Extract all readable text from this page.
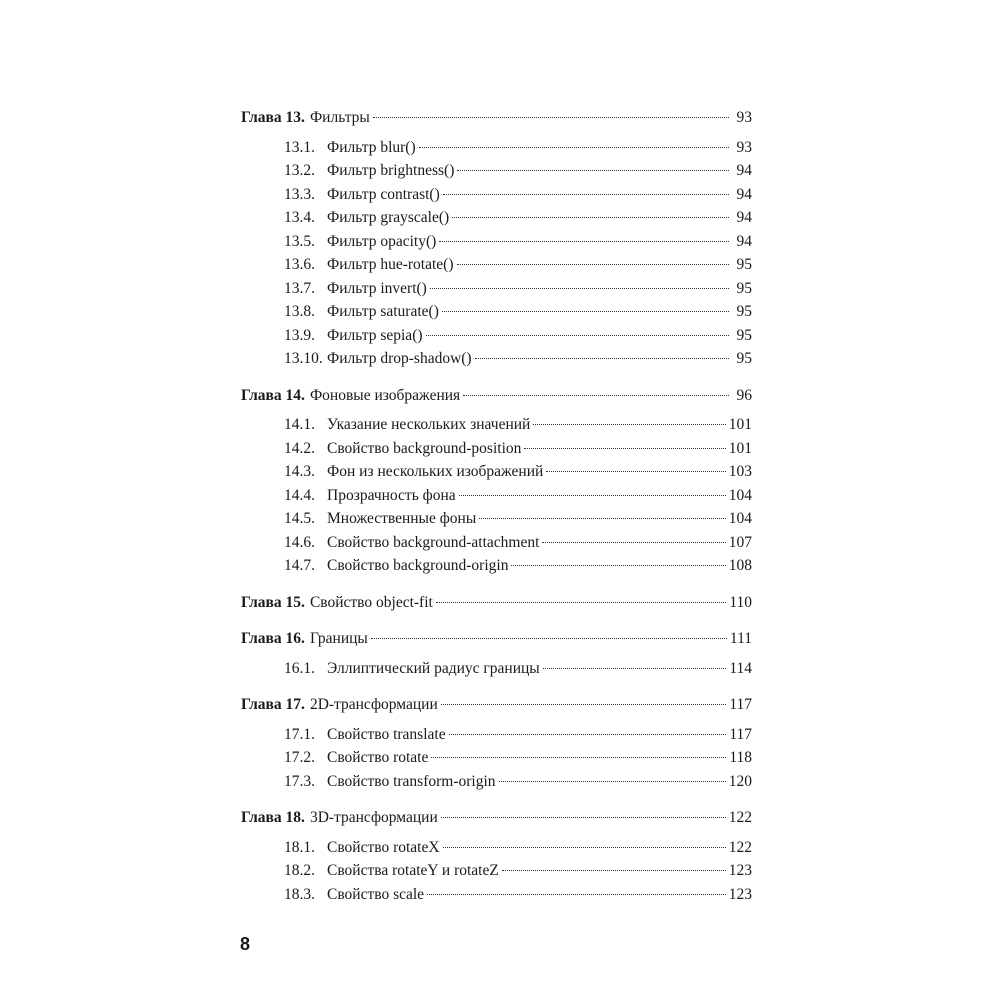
Глава 13. Фильтры	93
13.1. Фильтр blur()	93
13.2. Фильтр brightness()	94
13.3. Фильтр contrast()	94
13.4. Фильтр grayscale()	94
13.5. Фильтр opacity()	94
13.6. Фильтр hue-rotate()	95
13.7. Фильтр invert()	95
13.8. Фильтр saturate()	95
13.9. Фильтр sepia()	95
13.10. Фильтр drop-shadow()	95
Глава 14. Фоновые изображения	96
14.1. Указание нескольких значений	101
14.2. Свойство background-position	101
14.3. Фон из нескольких изображений	103
14.4. Прозрачность фона	104
14.5. Множественные фоны	104
14.6. Свойство background-attachment	107
14.7. Свойство background-origin	108
Глава 15. Свойство object-fit	110
Глава 16. Границы	111
16.1. Эллиптический радиус границы	114
Глава 17. 2D-трансформации	117
17.1. Свойство translate	117
17.2. Свойство rotate	118
17.3. Свойство transform-origin	120
Глава 18. 3D-трансформации	122
18.1. Свойство rotateX	122
18.2. Свойства rotateY и rotateZ	123
18.3. Свойство scale	123
8
